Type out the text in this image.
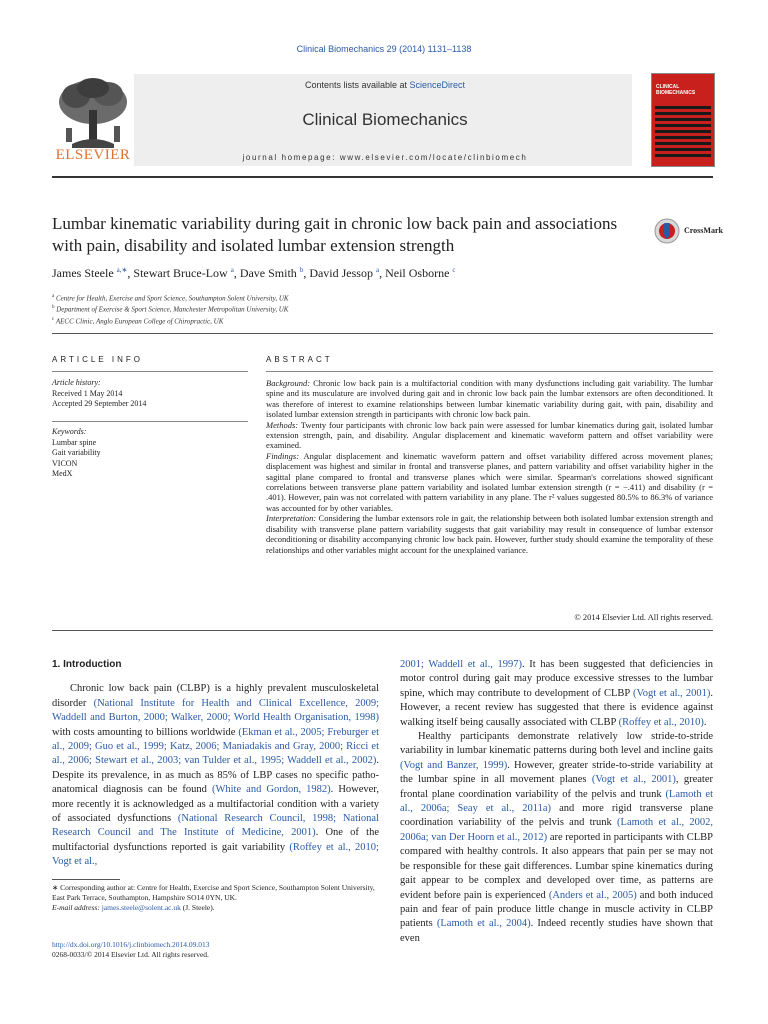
Clinical Biomechanics 29 (2014) 1131–1138
ELSEVIER
Contents lists available at ScienceDirect
Clinical Biomechanics
journal homepage: www.elsevier.com/locate/clinbiomech
CLINICAL BIOMECHANICS
Lumbar kinematic variability during gait in chronic low back pain and associations with pain, disability and isolated lumbar extension strength
CrossMark
James Steele $^{a,∗}$, Stewart Bruce-Low $^a$, Dave Smith $^b$, David Jessop $^a$, Neil Osborne $^c$
$^a$ Centre for Health, Exercise and Sport Science, Southampton Solent University, UK
$^b$ Department of Exercise & Sport Science, Manchester Metropolitan University, UK
$^c$ AECC Clinic, Anglo European College of Chiropractic, UK
ARTICLE INFO	ABSTRACT
Article history:
Received 1 May 2014
Accepted 29 September 2014
Keywords:
Lumbar spine
Gait variability
VICON
MedX

Background: Chronic low back pain is a multifactorial condition with many dysfunctions including gait variability. The lumbar spine and its musculature are involved during gait and in chronic low back pain the lumbar extensors are often deconditioned. It was therefore of interest to examine relationships between lumbar kinematic variability during gait, with pain, disability and isolated lumbar extension strength in participants with chronic low back pain.

Methods: Twenty four participants with chronic low back pain were assessed for lumbar kinematics during gait, isolated lumbar extension strength, pain, and disability. Angular displacement and kinematic waveform pattern and offset variability were examined.

Findings: Angular displacement and kinematic waveform pattern and offset variability differed across movement planes; displacement was highest and similar in frontal and transverse planes, and pattern variability and offset variability higher in the sagittal plane compared to frontal and transverse planes which were similar. Spearman's correlations showed significant correlations between transverse plane pattern variability and isolated lumbar extension strength (r = −.411) and disability (r = .401). However, pain was not correlated with pattern variability in any plane. The r² values suggested 80.5% to 86.3% of variance was accounted for by other variables.

Interpretation: Considering the lumbar extensors role in gait, the relationship between both isolated lumbar extension strength and disability with transverse plane pattern variability suggests that gait variability may result in consequence of lumbar extensor deconditioning or disability accompanying chronic low back pain. However, further study should examine the temporality of these relationships and other variables might account for the unexplained variance.

© 2014 Elsevier Ltd. All rights reserved.
1. Introduction

Chronic low back pain (CLBP) is a highly prevalent musculoskeletal disorder (National Institute for Health and Clinical Excellence, 2009; Waddell and Burton, 2000; Walker, 2000; World Health Organisation, 1998) with costs amounting to billions worldwide (Ekman et al., 2005; Freburger et al., 2009; Guo et al., 1999; Katz, 2006; Maniadakis and Gray, 2000; Ricci et al., 2006; Stewart et al., 2003; van Tulder et al., 1995; Waddell et al., 2002). Despite its prevalence, in as much as 85% of LBP cases no specific patho-anatomical diagnosis can be found (White and Gordon, 1982). However, more recently it is acknowledged as a multifactorial condition with a variety of associated dysfunctions (National Research Council, 1998; National Research Council and The Institute of Medicine, 2001). One of the multifactorial dysfunctions reported is gait variability (Roffey et al., 2010; Vogt et al.,

2001; Waddell et al., 1997). It has been suggested that deficiencies in motor control during gait may produce excessive stresses to the lumbar spine, which may contribute to development of CLBP (Vogt et al., 2001). However, a recent review has suggested that there is evidence against walking itself being causally associated with CLBP (Roffey et al., 2010).

Healthy participants demonstrate relatively low stride-to-stride variability in lumbar kinematic patterns during both level and incline gaits (Vogt and Banzer, 1999). However, greater stride-to-stride variability at the lumbar spine in all movement planes (Vogt et al., 2001), greater frontal plane coordination variability of the pelvis and trunk (Lamoth et al., 2006a; Seay et al., 2011a) and more rigid transverse plane coordination variability of the pelvis and trunk (Lamoth et al., 2002, 2006a; van Der Hoorn et al., 2012) are reported in participants with CLBP compared with healthy controls. It also appears that pain per se may not be responsible for these gait differences. Lumbar spine kinematics during gait appear to be complex and developed over time, as patterns are evident before pain is experienced (Anders et al., 2005) and both induced pain and fear of pain produce little change in muscle activity in CLBP patients (Lamoth et al., 2004). Indeed recently studies have shown that even

∗ Corresponding author at: Centre for Health, Exercise and Sport Science, Southampton Solent University, East Park Terrace, Southampton, Hampshire SO14 0YN, UK.
E-mail address: james.steele@solent.ac.uk (J. Steele).
http://dx.doi.org/10.1016/j.clinbiomech.2014.09.013
0268-0033/© 2014 Elsevier Ltd. All rights reserved.
